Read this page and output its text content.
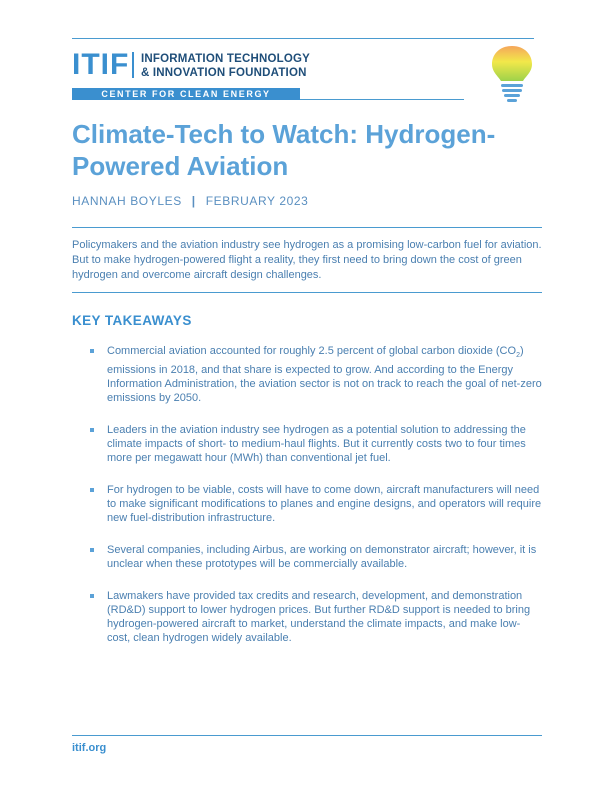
ITIF INFORMATION TECHNOLOGY
& INNOVATION FOUNDATION
CENTER FOR CLEAN ENERGY INNOVATION
Climate-Tech to Watch: Hydrogen-
Powered Aviation
HANNAH BOYLES | FEBRUARY 2023
Policymakers and the aviation industry see hydrogen as a promising low-carbon fuel for aviation. But to make hydrogen-powered flight a reality, they first need to bring down the cost of green hydrogen and overcome aircraft design challenges.
KEY TAKEAWAYS
Commercial aviation accounted for roughly 2.5 percent of global carbon dioxide $(CO_2)$ emissions in 2018, and that share is expected to grow. And according to the Energy Information Administration, the aviation sector is not on track to reach the goal of net-zero emissions by 2050.
Leaders in the aviation industry see hydrogen as a potential solution to addressing the climate impacts of short- to medium-haul flights. But it currently costs two to four times more per megawatt hour (MWh) than conventional jet fuel.
For hydrogen to be viable, costs will have to come down, aircraft manufacturers will need to make significant modifications to planes and engine designs, and operators will require new fuel-distribution infrastructure.
Several companies, including Airbus, are working on demonstrator aircraft; however, it is unclear when these prototypes will be commercially available.
Lawmakers have provided tax credits and research, development, and demonstration (RD&D) support to lower hydrogen prices. But further RD&D support is needed to bring hydrogen-powered aircraft to market, understand the climate impacts, and make low-cost, clean hydrogen widely available.
itif.org
